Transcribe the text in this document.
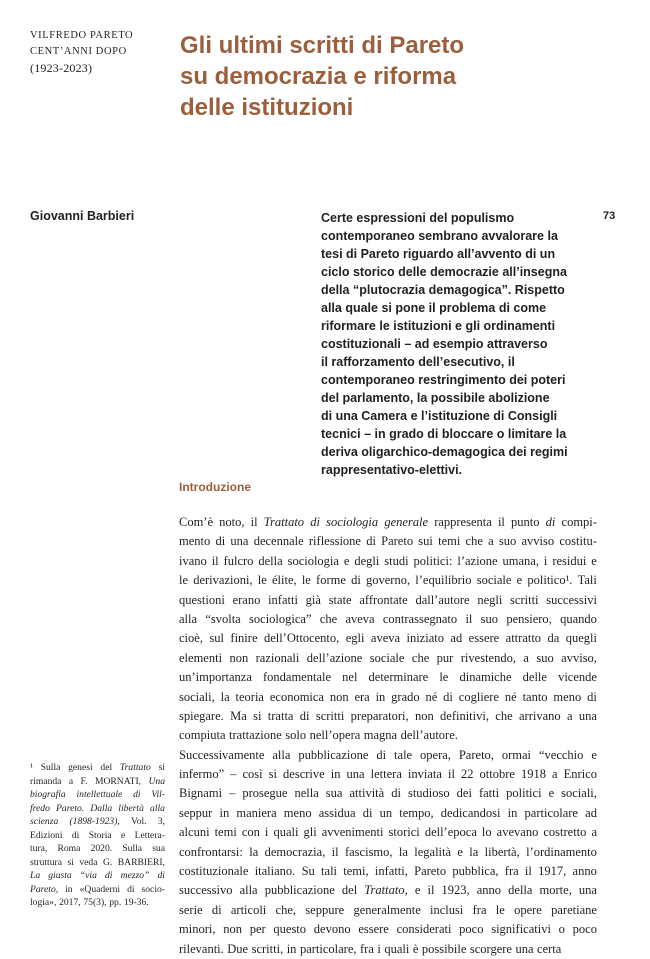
VILFREDO PARETO
CENT’ANNI DOPO
(1923-2023)
Gli ultimi scritti di Pareto
su democrazia e riforma
delle istituzioni
Giovanni Barbieri	73
Certe espressioni del populismo
contemporaneo sembrano avvalorare la
tesi di Pareto riguardo all’avvento di un
ciclo storico delle democrazie all’insegna
della “plutocrazia demagogica”. Rispetto
alla quale si pone il problema di come
riformare le istituzioni e gli ordinamenti
costituzionali – ad esempio attraverso
il rafforzamento dell’esecutivo, il
contemporaneo restringimento dei poteri
del parlamento, la possibile abolizione
di una Camera e l’istituzione di Consigli
tecnici – in grado di bloccare o limitare la
deriva oligarchico-demagogica dei regimi
rappresentativo-elettivi.
Introduzione
Com’è noto, il Trattato di sociologia generale rappresenta il punto di compi-
mento di una decennale riflessione di Pareto sui temi che a suo avviso costitu-
ivano il fulcro della sociologia e degli studi politici: l’azione umana, i residui e
le derivazioni, le élite, le forme di governo, l’equilibrio sociale e politico¹. Tali
questioni erano infatti già state affrontate dall’autore negli scritti successivi
alla “svolta sociologica” che aveva contrassegnato il suo pensiero, quando
cioè, sul finire dell’Ottocento, egli aveva iniziato ad essere attratto da quegli
elementi non razionali dell’azione sociale che pur rivestendo, a suo avviso,
un’importanza fondamentale nel determinare le dinamiche delle vicende
sociali, la teoria economica non era in grado né di cogliere né tanto meno di
spiegare. Ma si tratta di scritti preparatori, non definitivi, che arrivano a una
compiuta trattazione solo nell’opera magna dell’autore.
Successivamente alla pubblicazione di tale opera, Pareto, ormai “vecchio e
infermo” – così si descrive in una lettera inviata il 22 ottobre 1918 a Enrico
Bignami – prosegue nella sua attività di studioso dei fatti politici e sociali,
seppur in maniera meno assidua di un tempo, dedicandosi in particolare ad
alcuni temi con i quali gli avvenimenti storici dell’epoca lo avevano costretto a
confrontarsi: la democrazia, il fascismo, la legalità e la libertà, l’ordinamento
costituzionale italiano. Su tali temi, infatti, Pareto pubblica, fra il 1917, anno
successivo alla pubblicazione del Trattato, e il 1923, anno della morte, una
serie di articoli che, seppure generalmente inclusi fra le opere paretiane
minori, non per questo devono essere considerati poco significativi o poco
rilevanti. Due scritti, in particolare, fra i quali è possibile scorgere una certa
¹ Sulla genesi del Trattato si
rimanda a F. MORNATI, Una
biografia intellettuale di Vil-
fredo Pareto. Dalla libertà alla
scienza (1898-1923), Vol. 3,
Edizioni di Storia e Lettera-
tura, Roma 2020. Sulla sua
struttura si veda G. BARBIERI,
La giusta “via di mezzo” di
Pareto, in «Quaderni di socio-
logia», 2017, 75(3), pp. 19-36.
